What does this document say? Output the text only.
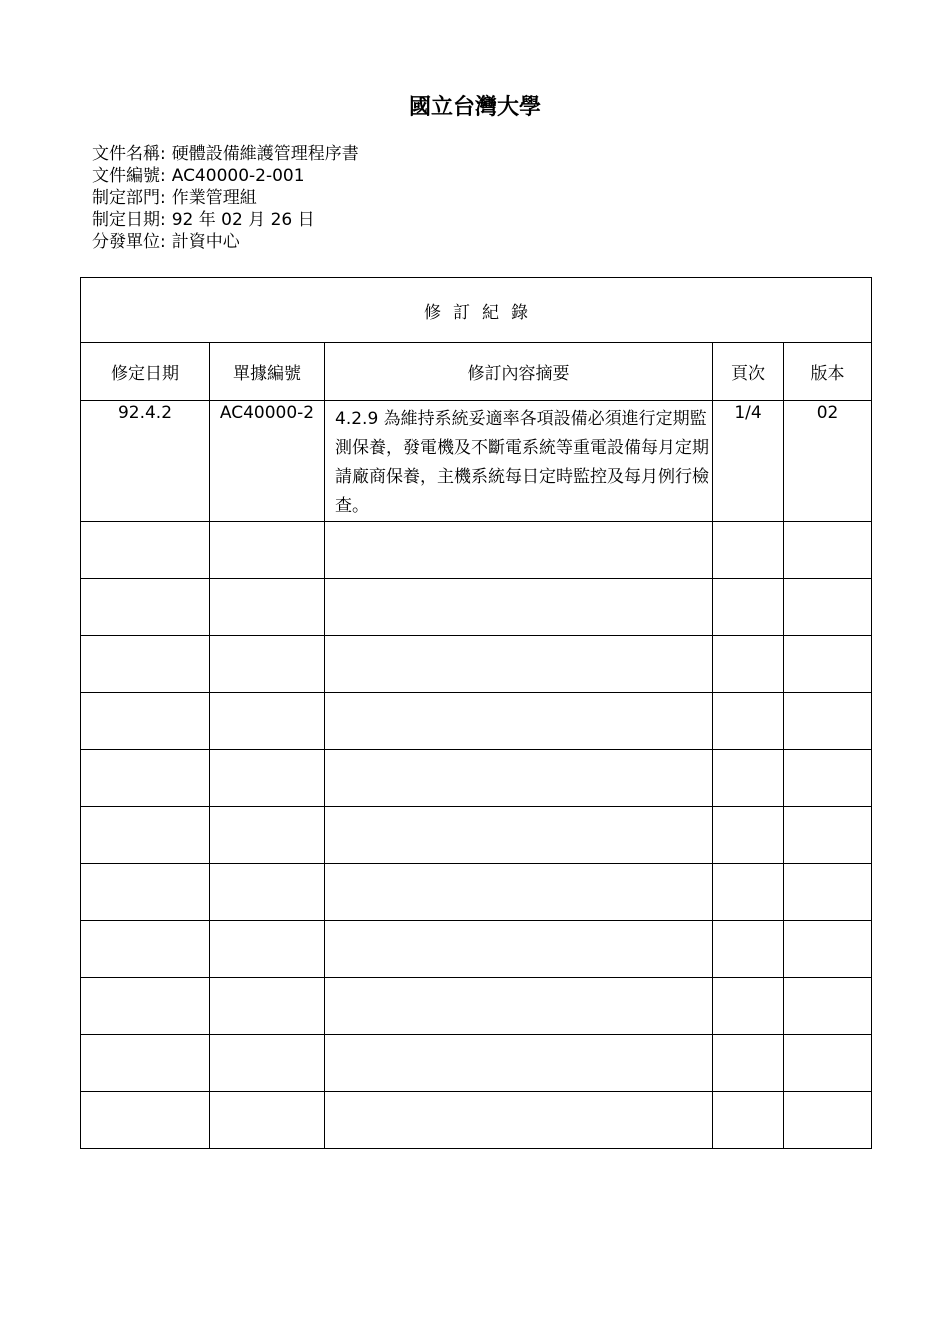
國立台灣大學
文件名稱 : 硬體設備維護管理程序書
文件編號 : AC40000-2-001
制定部門 : 作業管理組
制定日期 : 92 年 02 月 26 日
分發單位 : 計資中心
修訂紀錄				
修定日期	單據編號	修訂內容摘要	頁次	版本
92.4.2	AC40000-2	4.2.9 為維持系統妥適率各項設備必須進行定期監測保養，發電機及不斷電系統等重電設備每月定期請廠商保養，主機系統每日定時監控及每月例行檢查。	1/4	02
